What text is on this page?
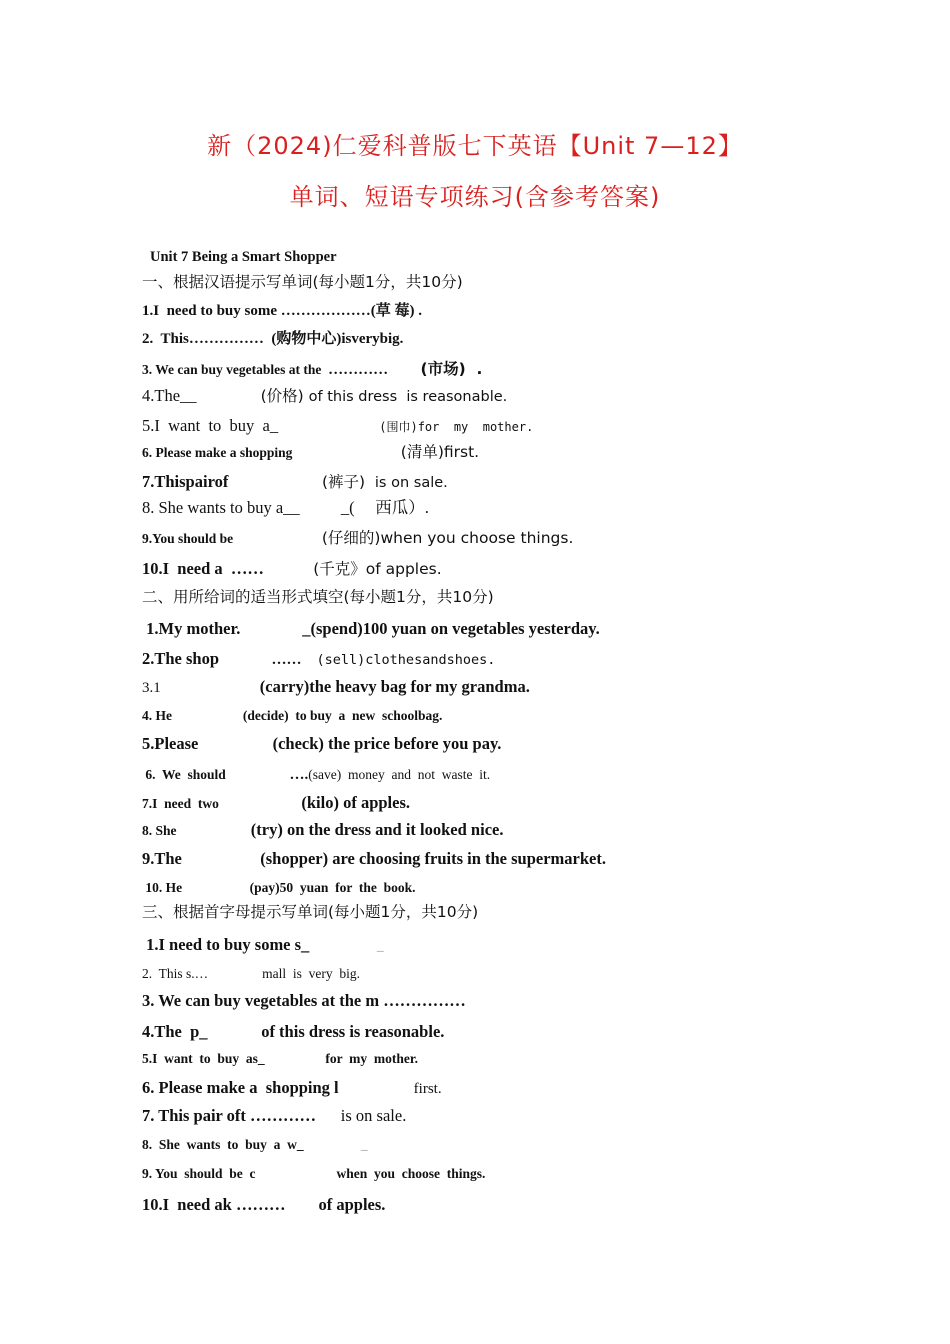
新（2024)仁爱科普版七下英语【Unit 7—12】
单词、短语专项练习(含参考答案)
Unit 7 Being a Smart Shopper
一、根据汉语提示写单词(每小题1分，共10分)
1.I  need to buy some ………………(草 莓) .
2.  This……………  (购物中心)isverybig.
3. We can buy vegetables at the  …………      (市场)  .
4.The__             (价格) of this dress  is reasonable.
5.I  want  to  buy  a_              (围巾)for  my  mother.
6. Please make a shopping                      (清单)first.
7.Thispairof                   (裤子)  is on sale.
8. She wants to buy a__          _(     西瓜）.
9.You should be                  (仔细的)when you choose things.
10.I  need a  ……          (千克》of apples.
二、用所给词的适当形式填空(每小题1分，共10分)
1.My mother.               _(spend)100 yuan on vegetables yesterday.
2.The shop              ……    (sell)clothesandshoes.
3.1                        (carry)the heavy bag for my grandma.
4. He                     (decide)  to buy  a  new  schoolbag.
5.Please                  (check) the price before you pay.
6.  We  should                 ….(save)  money  and  not  waste  it.
7.I  need  two                    (kilo) of apples.
8. She                  (try) on the dress and it looked nice.
9.The                   (shopper) are choosing fruits in the supermarket.
10. He                    (pay)50  yuan  for  the  book.
三、根据首字母提示写单词(每小题1分，共10分)
1.I need to buy some s_                    _
2.  This s.…                mall  is  very  big.
3. We can buy vegetables at the m ……………
4.The  p_             of this dress is reasonable.
5.I  want  to  buy  as_                  for  my  mother.
6. Please make a  shopping l                    first.
7. This pair oft …………      is on sale.
8.  She  wants  to  buy  a  w_                 _
9. You  should  be  c                        when  you  choose  things.
10.I  need ak ………        of apples.
